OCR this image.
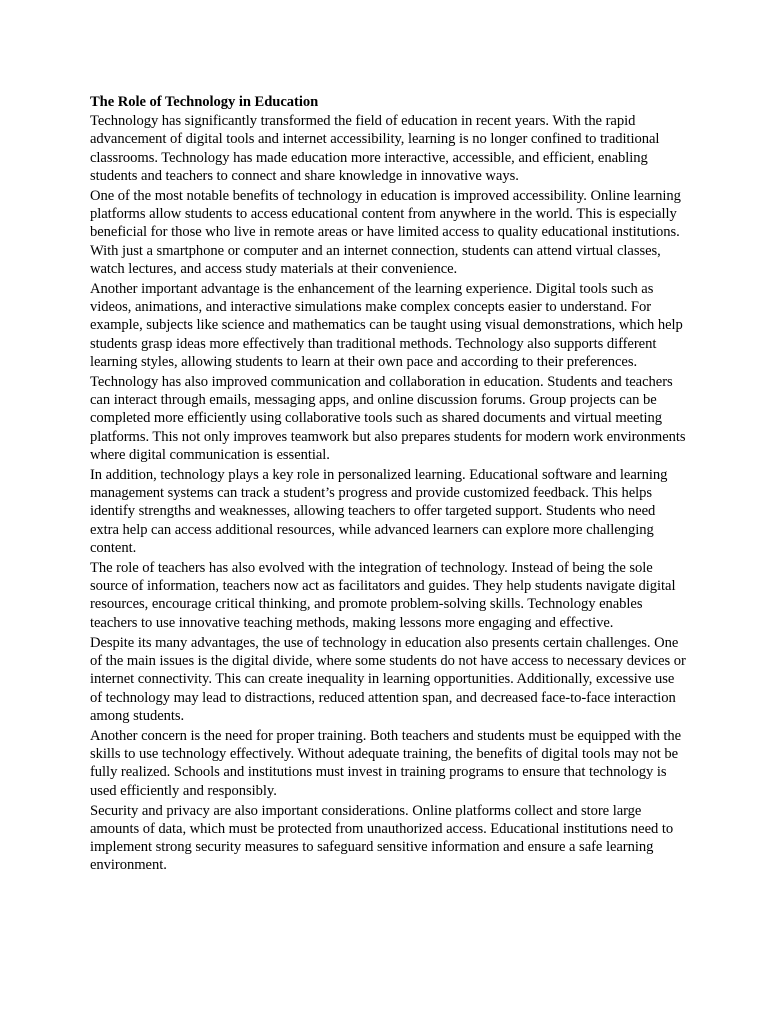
The Role of Technology in Education
Technology has significantly transformed the field of education in recent years. With the rapid advancement of digital tools and internet accessibility, learning is no longer confined to traditional classrooms. Technology has made education more interactive, accessible, and efficient, enabling students and teachers to connect and share knowledge in innovative ways.
One of the most notable benefits of technology in education is improved accessibility. Online learning platforms allow students to access educational content from anywhere in the world. This is especially beneficial for those who live in remote areas or have limited access to quality educational institutions. With just a smartphone or computer and an internet connection, students can attend virtual classes, watch lectures, and access study materials at their convenience.
Another important advantage is the enhancement of the learning experience. Digital tools such as videos, animations, and interactive simulations make complex concepts easier to understand. For example, subjects like science and mathematics can be taught using visual demonstrations, which help students grasp ideas more effectively than traditional methods. Technology also supports different learning styles, allowing students to learn at their own pace and according to their preferences.
Technology has also improved communication and collaboration in education. Students and teachers can interact through emails, messaging apps, and online discussion forums. Group projects can be completed more efficiently using collaborative tools such as shared documents and virtual meeting platforms. This not only improves teamwork but also prepares students for modern work environments where digital communication is essential.
In addition, technology plays a key role in personalized learning. Educational software and learning management systems can track a student’s progress and provide customized feedback. This helps identify strengths and weaknesses, allowing teachers to offer targeted support. Students who need extra help can access additional resources, while advanced learners can explore more challenging content.
The role of teachers has also evolved with the integration of technology. Instead of being the sole source of information, teachers now act as facilitators and guides. They help students navigate digital resources, encourage critical thinking, and promote problem-solving skills. Technology enables teachers to use innovative teaching methods, making lessons more engaging and effective.
Despite its many advantages, the use of technology in education also presents certain challenges. One of the main issues is the digital divide, where some students do not have access to necessary devices or internet connectivity. This can create inequality in learning opportunities. Additionally, excessive use of technology may lead to distractions, reduced attention span, and decreased face-to-face interaction among students.
Another concern is the need for proper training. Both teachers and students must be equipped with the skills to use technology effectively. Without adequate training, the benefits of digital tools may not be fully realized. Schools and institutions must invest in training programs to ensure that technology is used efficiently and responsibly.
Security and privacy are also important considerations. Online platforms collect and store large amounts of data, which must be protected from unauthorized access. Educational institutions need to implement strong security measures to safeguard sensitive information and ensure a safe learning environment.
